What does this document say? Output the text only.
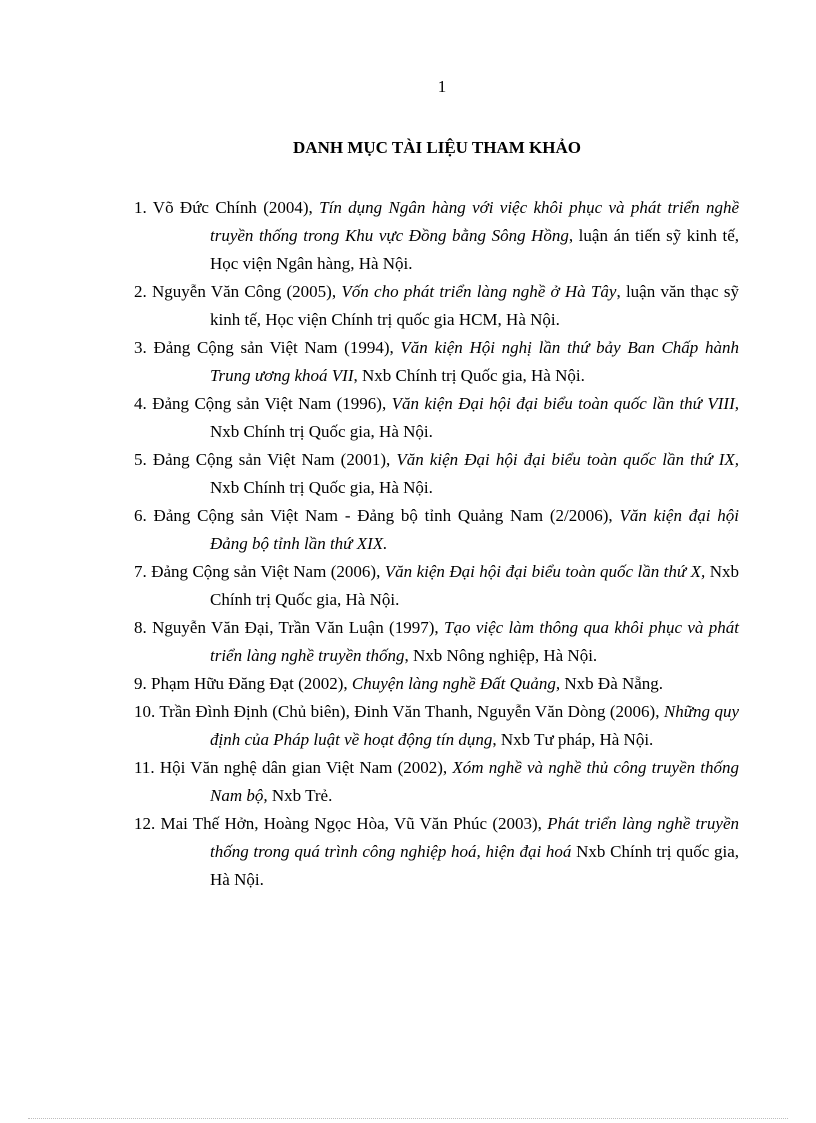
1
DANH MỤC TÀI LIỆU THAM KHẢO
1. Võ Đức Chính (2004), Tín dụng Ngân hàng với việc khôi phục và phát triển nghề truyền thống trong Khu vực Đồng bằng Sông Hồng, luận án tiến sỹ kinh tế, Học viện Ngân hàng, Hà Nội.
2. Nguyễn Văn Công (2005), Vốn cho phát triển làng nghề ở Hà Tây, luận văn thạc sỹ kinh tế, Học viện Chính trị quốc gia HCM, Hà Nội.
3. Đảng Cộng sản Việt Nam (1994), Văn kiện Hội nghị lần thứ bảy Ban Chấp hành Trung ương khoá VII, Nxb Chính trị Quốc gia, Hà Nội.
4. Đảng Cộng sản Việt Nam (1996), Văn kiện Đại hội đại biểu toàn quốc lần thứ VIII, Nxb Chính trị Quốc gia, Hà Nội.
5. Đảng Cộng sản Việt Nam (2001), Văn kiện Đại hội đại biểu toàn quốc lần thứ IX, Nxb Chính trị Quốc gia, Hà Nội.
6. Đảng Cộng sản Việt Nam - Đảng bộ tỉnh Quảng Nam (2/2006), Văn kiện đại hội Đảng bộ tỉnh lần thứ XIX.
7. Đảng Cộng sản Việt Nam (2006), Văn kiện Đại hội đại biểu toàn quốc lần thứ X, Nxb Chính trị Quốc gia, Hà Nội.
8. Nguyễn Văn Đại, Trần Văn Luận (1997), Tạo việc làm thông qua khôi phục và phát triển làng nghề truyền thống, Nxb Nông nghiệp, Hà Nội.
9. Phạm Hữu Đăng Đạt (2002), Chuyện làng nghề Đất Quảng, Nxb Đà Nẵng.
10. Trần Đình Định (Chủ biên), Đinh Văn Thanh, Nguyễn Văn Dòng (2006), Những quy định của Pháp luật về hoạt động tín dụng, Nxb Tư pháp, Hà Nội.
11. Hội Văn nghệ dân gian Việt Nam (2002), Xóm nghề và nghề thủ công truyền thống Nam bộ, Nxb Trẻ.
12. Mai Thế Hởn, Hoàng Ngọc Hòa, Vũ Văn Phúc (2003), Phát triển làng nghề truyền thống trong quá trình công nghiệp hoá, hiện đại hoá Nxb Chính trị quốc gia, Hà Nội.
